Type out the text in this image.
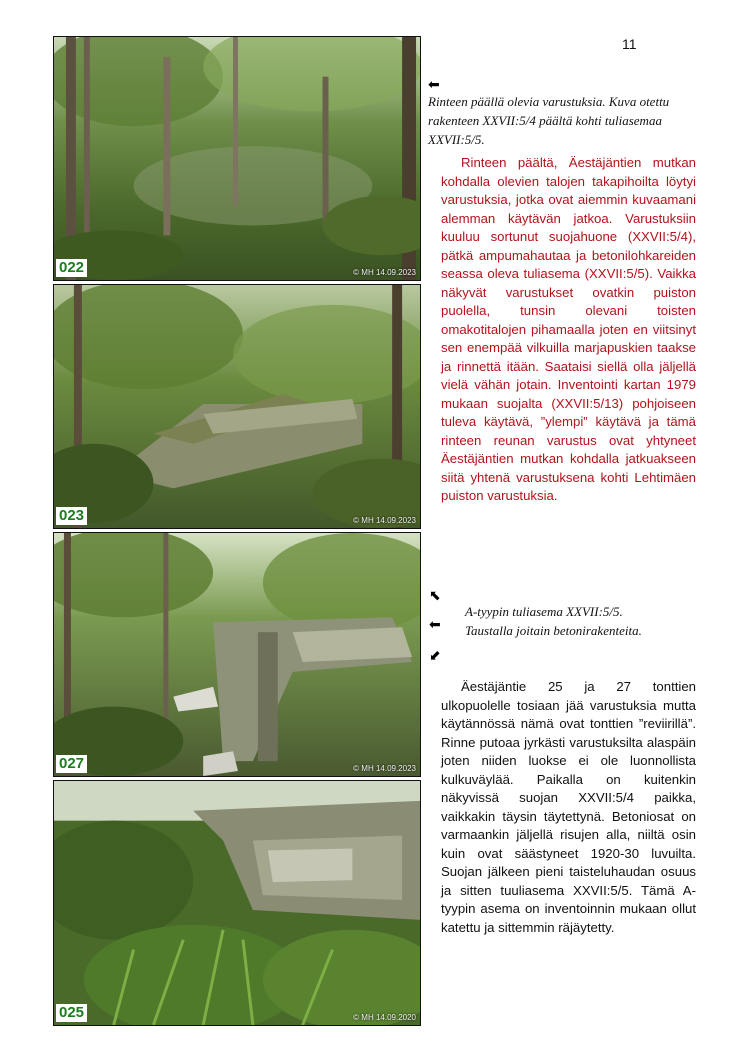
11
022	© MH 14.09.2023
023	© MH 14.09.2023
027	© MH 14.09.2023
025	© MH 14.09.2020
⬅
Rinteen päällä olevia varustuksia. Kuva otettu rakenteen XXVII:5/4 päältä kohti tuliasemaa XXVII:5/5.

Rinteen päältä, Äestäjäntien mutkan kohdalla olevien talojen takapihoilta löytyi varustuksia, jotka ovat aiemmin kuvaamani alemman käytävän jatkoa. Varustuksiin kuuluu sortunut suojahuone (XXVII:5/4), pätkä ampumahautaa ja betonilohkareiden seassa oleva tuliasema (XXVII:5/5). Vaikka näkyvät varustukset ovatkin puiston puolella, tunsin olevani toisten omakotitalojen pihamaalla joten en viitsinyt sen enempää vilkuilla marjapuskien taakse ja rinnettä itään. Saataisi siellä olla jäljellä vielä vähän jotain. Inventointi kartan 1979 mukaan suojalta (XXVII:5/13) pohjoiseen tuleva käytävä, ”ylempi” käytävä ja tämä rinteen reunan varustus ovat yhtyneet Äestäjäntien mutkan kohdalla jatkuakseen siitä yhtenä varustuksena kohti Lehtimäen puiston varustuksia.

⬉
⬅
⬋
A-tyypin tuliasema XXVII:5/5.
Taustalla joitain betonirakenteita.

Äestäjäntie 25 ja 27 tonttien ulkopuolelle tosiaan jää varustuksia mutta käytännössä nämä ovat tonttien ”reviirillä”. Rinne putoaa jyrkästi varustuksilta alaspäin joten niiden luokse ei ole luonnollista kulkuväylää. Paikalla on kuitenkin näkyvissä suojan XXVII:5/4 paikka, vaikkakin täysin täytettynä. Betoniosat on varmaankin jäljellä risujen alla, niiltä osin kuin ovat säästyneet 1920-30 luvuilta. Suojan jälkeen pieni taisteluhaudan osuus ja sitten tuuliasema XXVII:5/5. Tämä A-tyypin asema on inventoinnin mukaan ollut katettu ja sittemmin räjäytetty.
